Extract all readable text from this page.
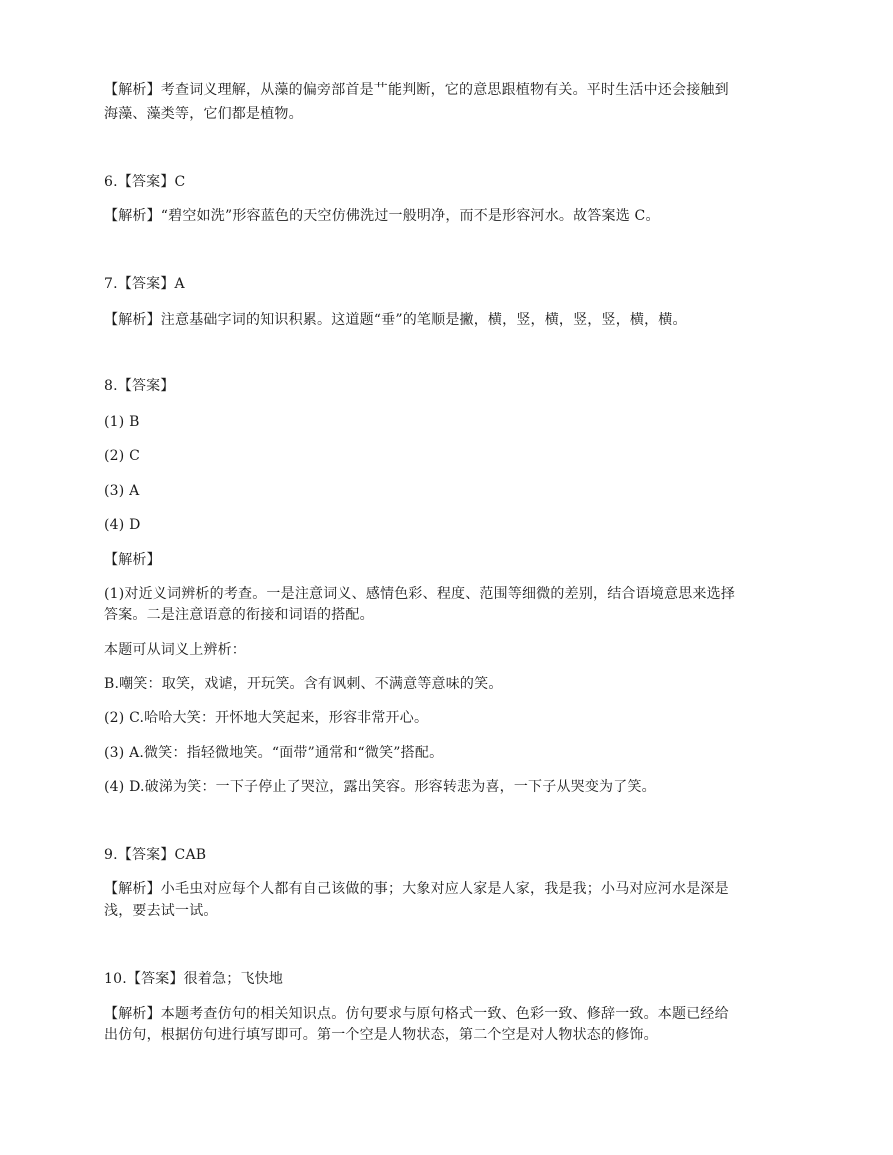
【解析】考查词义理解，从藻的偏旁部首是艹能判断，它的意思跟植物有关。平时生活中还会接触到
海藻、藻类等，它们都是植物。
6.【答案】C
【解析】“碧空如洗”形容蓝色的天空仿佛洗过一般明净，而不是形容河水。故答案选 C。
7.【答案】A
【解析】注意基础字词的知识积累。这道题“垂”的笔顺是撇，横，竖，横，竖，竖，横，横。
8.【答案】
(1) B
(2) C
(3) A
(4) D
【解析】
(1)对近义词辨析的考查。一是注意词义、感情色彩、程度、范围等细微的差别，结合语境意思来选择
答案。二是注意语意的衔接和词语的搭配。
本题可从词义上辨析：
B.嘲笑：取笑，戏谑，开玩笑。含有讽刺、不满意等意味的笑。
(2) C.哈哈大笑：开怀地大笑起来，形容非常开心。
(3) A.微笑：指轻微地笑。“面带”通常和“微笑”搭配。
(4) D.破涕为笑：一下子停止了哭泣，露出笑容。形容转悲为喜，一下子从哭变为了笑。
9.【答案】CAB
【解析】小毛虫对应每个人都有自己该做的事；大象对应人家是人家，我是我；小马对应河水是深是
浅，要去试一试。
10.【答案】很着急；飞快地
【解析】本题考查仿句的相关知识点。仿句要求与原句格式一致、色彩一致、修辞一致。本题已经给
出仿句，根据仿句进行填写即可。第一个空是人物状态，第二个空是对人物状态的修饰。
